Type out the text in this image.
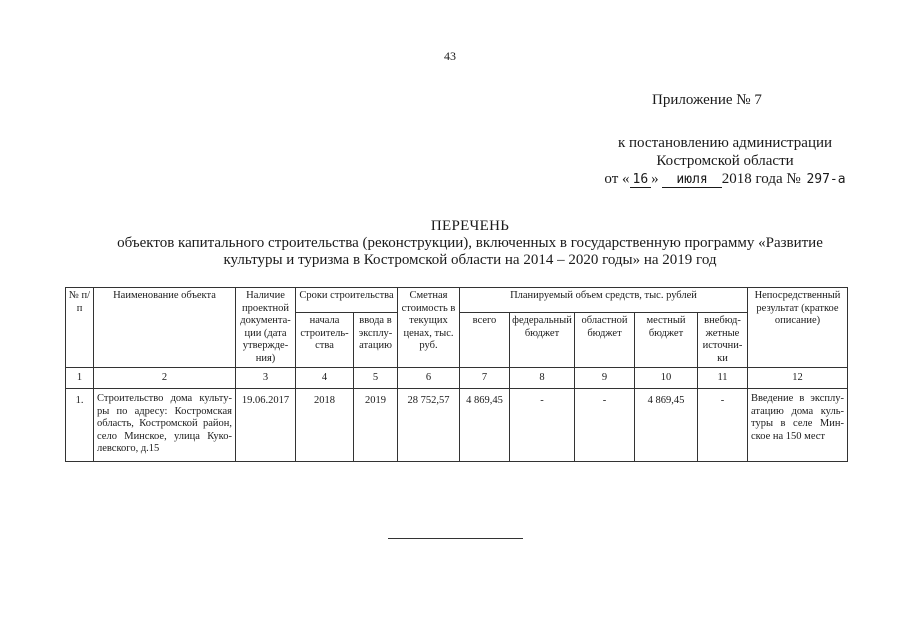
43
Приложение № 7
к постановлению администрации
Костромской области
от « 16 » июля 2018 года № 297-а
ПЕРЕЧЕНЬ
объектов капитального строительства (реконструкции), включенных в государственную программу «Развитие
культуры и туризма в Костромской области на 2014 – 2020 годы» на 2019 год
№ п/п	Наименование объекта	Наличие проектной документа-ции (дата утвержде-ния)	Сроки строительства		Сметная стоимость в текущих ценах, тыс. руб.	Планируемый объем средств, тыс. рублей					Непосредственный результат (краткое описание)
			начала строитель-ства	ввода в эксплу-атацию		всего	федеральный бюджет	областной бюджет	местный бюджет	внебюд-жетные источни-ки	
1	2	3	4	5	6	7	8	9	10	11	12
1.	Строительство дома культу-ры по адресу: Костромская область, Костромской район, село Минское, улица Куко-левского, д.15	19.06.2017	2018	2019	28 752,57	4 869,45	-	-	4 869,45	-	Введение в эксплу-атацию дома куль-туры в селе Мин-ское на 150 мест
